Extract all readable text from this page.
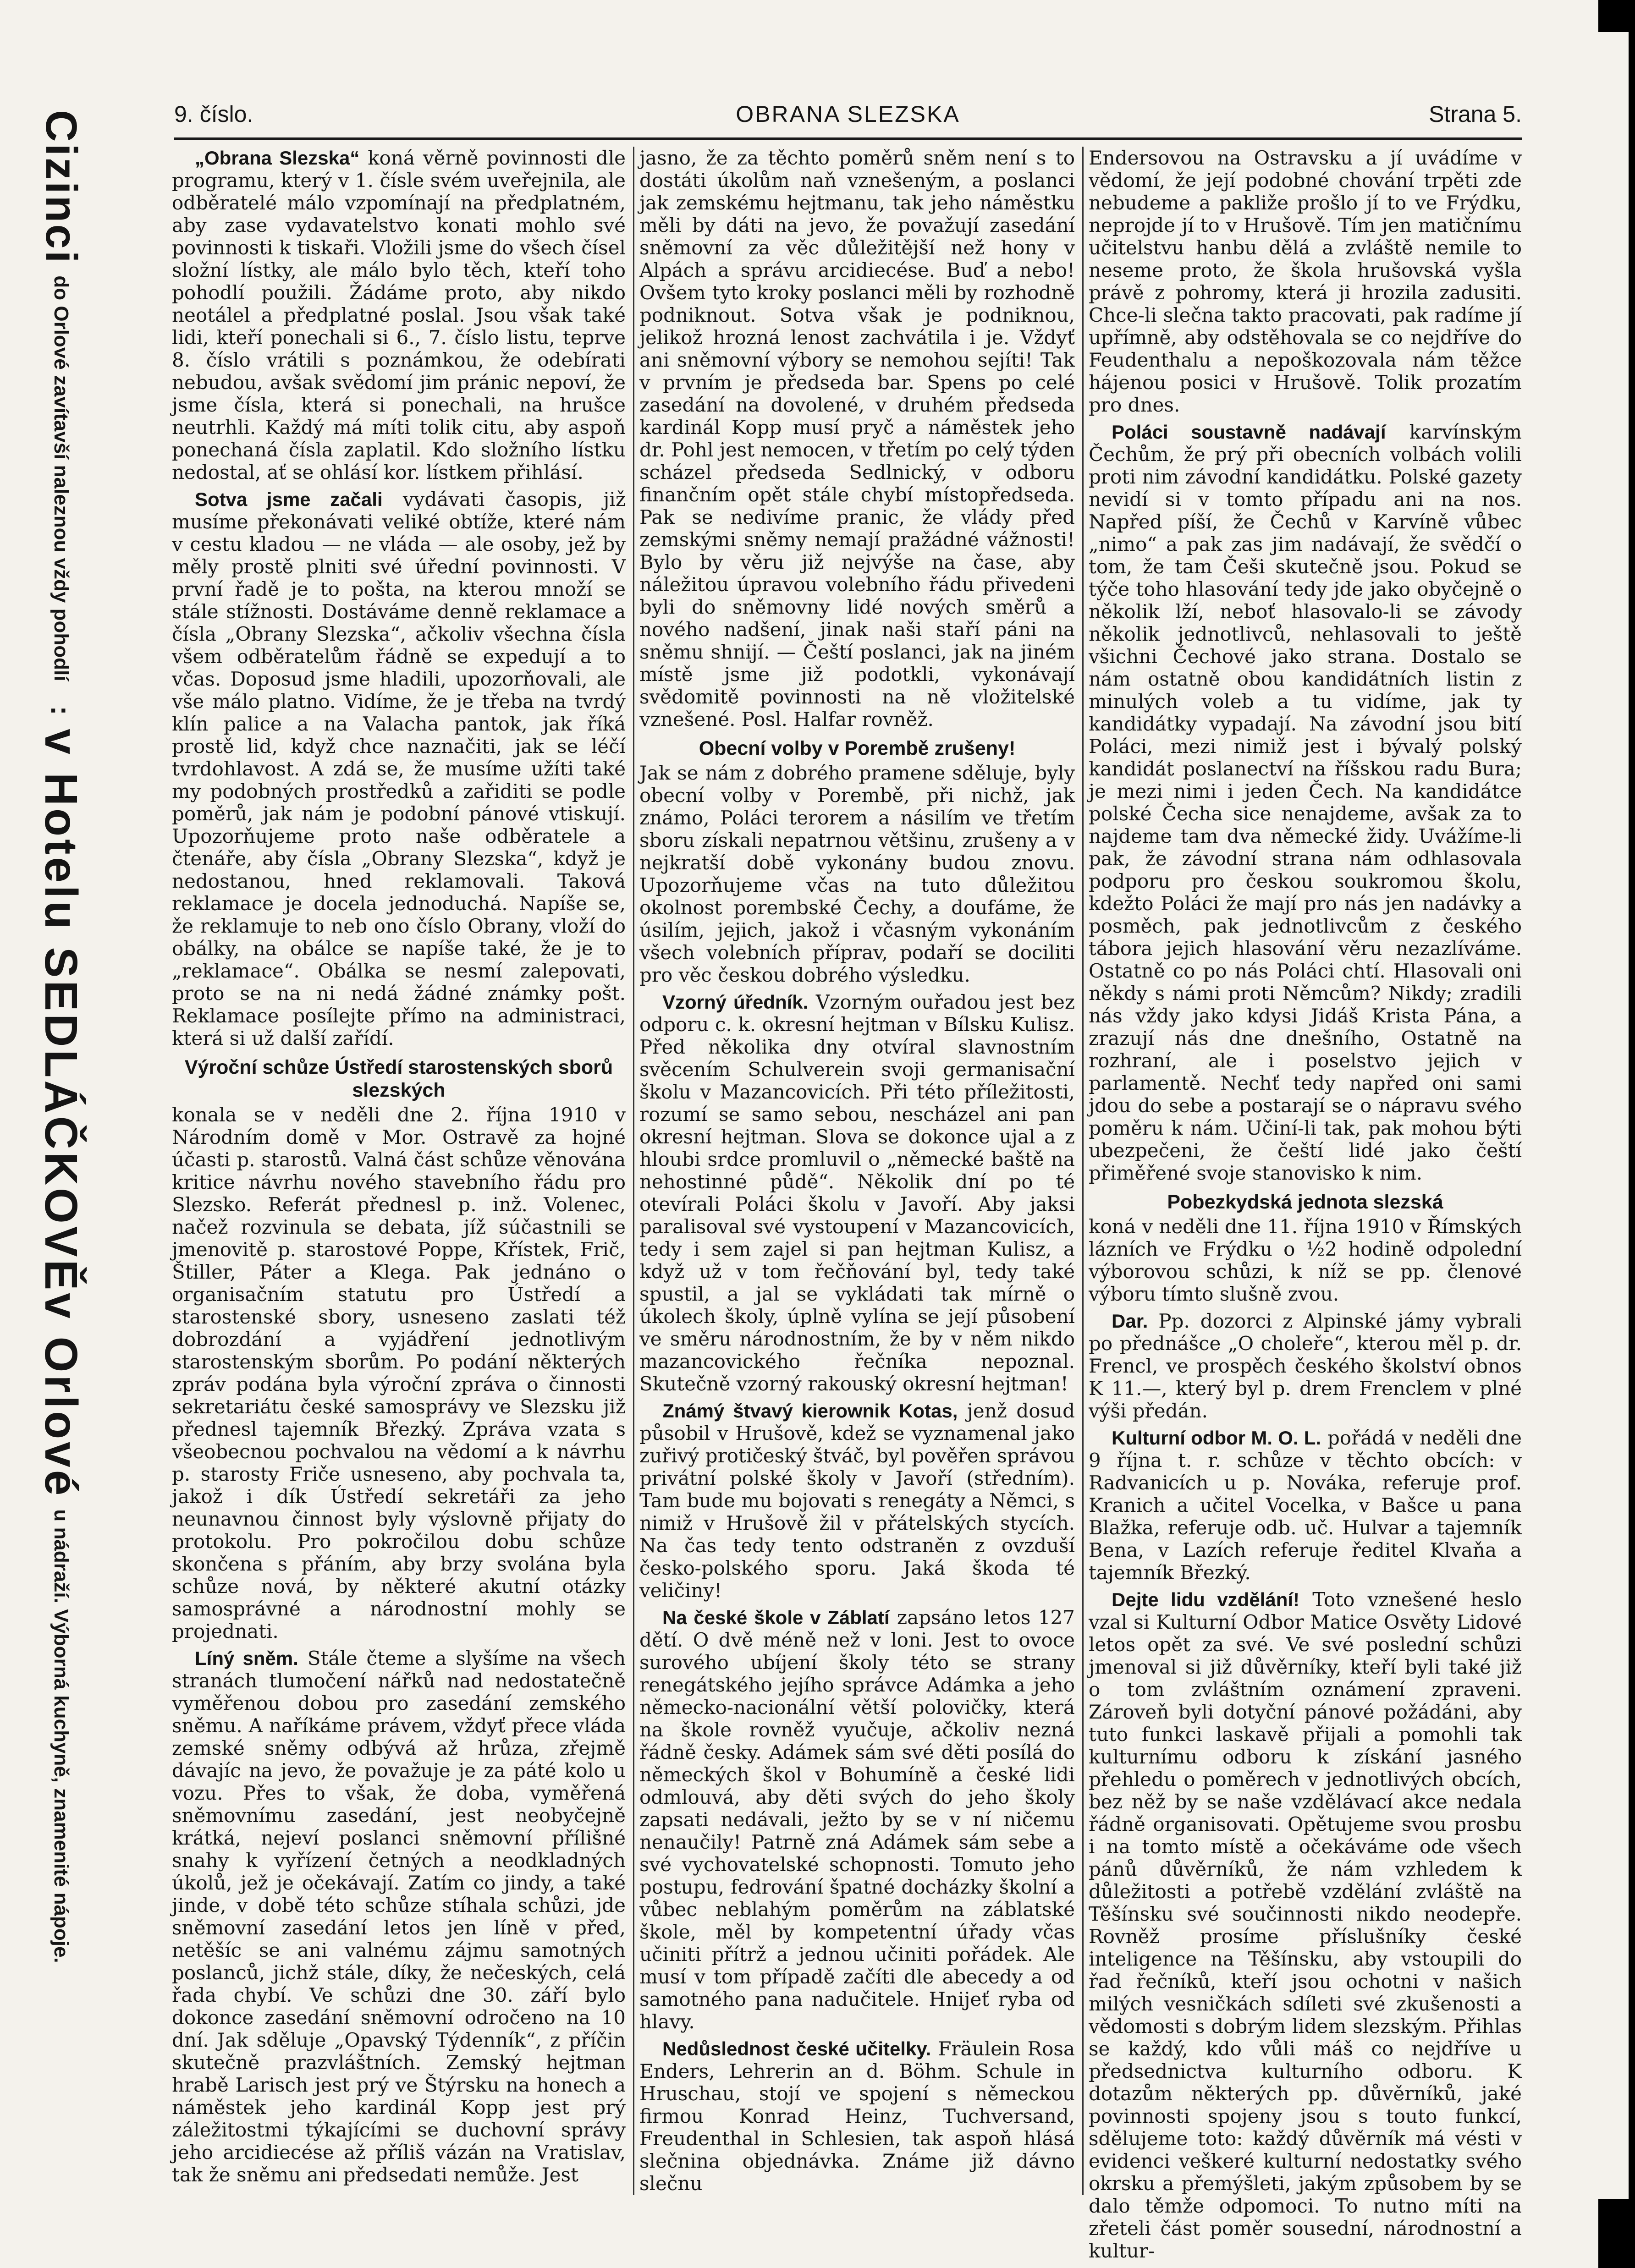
9. číslo.	OBRANA SLEZSKA	Strana 5.
Cizinci
do Orlové zavítavší naleznou vždy pohodlí
:
v Hotelu SEDLÁČKOVĚ
v Orlové
u nádraží. Výborná kuchyně, znamenité nápoje.

„Obrana Slezska“ koná věrně povinnosti dle programu, který v 1. čísle svém uveřejnila, ale odběratelé málo vzpomínají na předplatném, aby zase vydavatelstvo konati mohlo své povinnosti k tiskaři. Vložili jsme do všech čísel složní lístky, ale málo bylo těch, kteří toho pohodlí použili. Žádáme proto, aby nikdo neotálel a předplatné poslal. Jsou však také lidi, kteří ponechali si 6., 7. číslo listu, teprve 8. číslo vrátili s poznámkou, že odebírati nebudou, avšak svědomí jim pránic nepoví, že jsme čísla, která si ponechali, na hrušce neutrhli. Každý má míti tolik citu, aby aspoň ponechaná čísla zaplatil. Kdo složního lístku nedostal, ať se ohlásí kor. lístkem přihlásí.

Sotva jsme začali vydávati časopis, již musíme překonávati veliké obtíže, které nám v cestu kladou — ne vláda — ale osoby, jež by měly prostě plniti své úřední povinnosti. V první řadě je to pošta, na kterou množí se stále stížnosti. Dostáváme denně reklamace a čísla „Obrany Slezska“, ačkoliv všechna čísla všem odběratelům řádně se expedují a to včas. Doposud jsme hladili, upozorňovali, ale vše málo platno. Vidíme, že je třeba na tvrdý klín palice a na Valacha pantok, jak říká prostě lid, když chce naznačiti, jak se léčí tvrdohlavost. A zdá se, že musíme užíti také my podobných prostředků a zařiditi se podle poměrů, jak nám je podobní pánové vtiskují. Upozorňujeme proto naše odběratele a čtenáře, aby čísla „Obrany Slezska“, když je nedostanou, hned reklamovali. Taková reklamace je docela jednoduchá. Napíše se, že reklamuje to neb ono číslo Obrany, vloží do obálky, na obálce se napíše také, že je to „reklamace“. Obálka se nesmí zalepovati, proto se na ni nedá žádné známky pošt. Reklamace posílejte přímo na administraci, která si už další zařídí.

Výroční schůze Ústředí starostenských sborů slezských

konala se v neděli dne 2. října 1910 v Národním domě v Mor. Ostravě za hojné účasti p. starostů. Valná část schůze věnována kritice návrhu nového stavebního řádu pro Slezsko. Referát přednesl p. inž. Volenec, načež rozvinula se debata, jíž súčastnili se jmenovitě p. starostové Poppe, Křístek, Frič, Štiller, Páter a Klega. Pak jednáno o organisačním statutu pro Ústředí a starostenské sbory, usneseno zaslati též dobrozdání a vyjádření jednotlivým starostenským sborům. Po podání některých zpráv podána byla výroční zpráva o činnosti sekretariátu české samosprávy ve Slezsku již přednesl tajemník Březký. Zpráva vzata s všeobecnou pochvalou na vědomí a k návrhu p. starosty Friče usneseno, aby pochvala ta, jakož i dík Ústředí sekretáři za jeho neunavnou činnost byly výslovně přijaty do protokolu. Pro pokročilou dobu schůze skončena s přáním, aby brzy svolána byla schůze nová, by některé akutní otázky samosprávné a národnostní mohly se projednati.

Líný sněm. Stále čteme a slyšíme na všech stranách tlumočení nářků nad nedostatečně vyměřenou dobou pro zasedání zemského sněmu. A naříkáme právem, vždyť přece vláda zemské sněmy odbývá až hrůza, zřejmě dávajíc na jevo, že považuje je za páté kolo u vozu. Přes to však, že doba, vyměřená sněmovnímu zasedání, jest neobyčejně krátká, nejeví poslanci sněmovní přílišné snahy k vyřízení četných a neodkladných úkolů, jež je očekávají. Zatím co jindy, a také jinde, v době této schůze stíhala schůzi, jde sněmovní zasedání letos jen líně v před, netěšíc se ani valnému zájmu samotných poslanců, jichž stále, díky, že nečeských, celá řada chybí. Ve schůzi dne 30. září bylo dokonce zasedání sněmovní odročeno na 10 dní. Jak sděluje „Opavský Týdenník“, z příčin skutečně prazvláštních. Zemský hejtman hrabě Larisch jest prý ve Štýrsku na honech a náměstek jeho kardinál Kopp jest prý záležitostmi týkajícími se duchovní správy jeho arcidiecése až příliš vázán na Vratislav, tak že sněmu ani předsedati nemůže. Jest

jasno, že za těchto poměrů sněm není s to dostáti úkolům naň vznešeným, a poslanci jak zemskému hejtmanu, tak jeho náměstku měli by dáti na jevo, že považují zasedání sněmovní za věc důležitější než hony v Alpách a správu arcidiecése. Buď a nebo! Ovšem tyto kroky poslanci měli by rozhodně podniknout. Sotva však je podniknou, jelikož hrozná lenost zachvátila i je. Vždyť ani sněmovní výbory se nemohou sejíti! Tak v prvním je předseda bar. Spens po celé zasedání na dovolené, v druhém předseda kardinál Kopp musí pryč a náměstek jeho dr. Pohl jest nemocen, v třetím po celý týden scházel předseda Sedlnický, v odboru finančním opět stále chybí místopředseda. Pak se nedivíme pranic, že vlády před zemskými sněmy nemají pražádné vážnosti! Bylo by věru již nejvýše na čase, aby náležitou úpravou volebního řádu přivedeni byli do sněmovny lidé nových směrů a nového nadšení, jinak naši staří páni na sněmu shnijí. — Čeští poslanci, jak na jiném místě jsme již podotkli, vykonávají svědomitě povinnosti na ně vložitelské vznešené. Posl. Halfar rovněž.

Obecní volby v Porembě zrušeny!

Jak se nám z dobrého pramene sděluje, byly obecní volby v Porembě, při nichž, jak známo, Poláci terorem a násilím ve třetím sboru získali nepatrnou většinu, zrušeny a v nejkratší době vykonány budou znovu. Upozorňujeme včas na tuto důležitou okolnost porembské Čechy, a doufáme, že úsilím, jejich, jakož i včasným vykonáním všech volebních příprav, podaří se dociliti pro věc českou dobrého výsledku.

Vzorný úředník. Vzorným ouřadou jest bez odporu c. k. okresní hejtman v Bílsku Kulisz. Před několika dny otvíral slavnostním svěcením Schulverein svoji germanisační školu v Mazancovicích. Při této příležitosti, rozumí se samo sebou, nescházel ani pan okresní hejtman. Slova se dokonce ujal a z hloubi srdce promluvil o „německé baště na nehostinné půdě“. Několik dní po té otevírali Poláci školu v Javoří. Aby jaksi paralisoval své vystoupení v Mazancovicích, tedy i sem zajel si pan hejtman Kulisz, a když už v tom řečňování byl, tedy také spustil, a jal se vykládati tak mírně o úkolech školy, úplně vylína se její působení ve směru národnostním, že by v něm nikdo mazancovického řečníka nepoznal. Skutečně vzorný rakouský okresní hejtman!

Známý štvavý kierownik Kotas, jenž dosud působil v Hrušově, kdež se vyznamenal jako zuřivý protičeský štváč, byl pověřen správou privátní polské školy v Javoří (středním). Tam bude mu bojovati s renegáty a Němci, s nimiž v Hrušově žil v přátelských stycích. Na čas tedy tento odstraněn z ovzduší česko-polského sporu. Jaká škoda té veličiny!

Na české škole v Záblatí zapsáno letos 127 dětí. O dvě méně než v loni. Jest to ovoce surového ubíjení školy této se strany renegátského jejího správce Adámka a jeho německo-nacionální větší polovičky, která na škole rovněž vyučuje, ačkoliv nezná řádně česky. Adámek sám své děti posílá do německých škol v Bohumíně a české lidi odmlouvá, aby děti svých do jeho školy zapsati nedávali, ježto by se v ní ničemu nenaučily! Patrně zná Adámek sám sebe a své vychovatelské schopnosti. Tomuto jeho postupu, fedrování špatné docházky školní a vůbec neblahým poměrům na záblatské škole, měl by kompetentní úřady včas učiniti přítrž a jednou učiniti pořádek. Ale musí v tom případě začíti dle abecedy a od samotného pana nadučitele. Hnijeť ryba od hlavy.

Nedůslednost české učitelky. Fräulein Rosa Enders, Lehrerin an d. Böhm. Schule in Hruschau, stojí ve spojení s německou firmou Konrad Heinz, Tuchversand, Freudenthal in Schlesien, tak aspoň hlásá slečnina objednávka. Známe již dávno slečnu

Endersovou na Ostravsku a jí uvádíme v vědomí, že její podobné chování trpěti zde nebudeme a pakliže prošlo jí to ve Frýdku, neprojde jí to v Hrušově. Tím jen matičnímu učitelstvu hanbu dělá a zvláště nemile to neseme proto, že škola hrušovská vyšla právě z pohromy, která ji hrozila zadusiti. Chce-li slečna takto pracovati, pak radíme jí upřímně, aby odstěhovala se co nejdříve do Feudenthalu a nepoškozovala nám těžce hájenou posici v Hrušově. Tolik prozatím pro dnes.

Poláci soustavně nadávají karvínským Čechům, že prý při obecních volbách volili proti nim závodní kandidátku. Polské gazety nevidí si v tomto případu ani na nos. Napřed píší, že Čechů v Karvíně vůbec „nimo“ a pak zas jim nadávají, že svědčí o tom, že tam Češi skutečně jsou. Pokud se týče toho hlasování tedy jde jako obyčejně o několik lží, neboť hlasovalo-li se závody několik jednotlivců, nehlasovali to ještě všichni Čechové jako strana. Dostalo se nám ostatně obou kandidátních listin z minulých voleb a tu vidíme, jak ty kandidátky vypadají. Na závodní jsou bití Poláci, mezi nimiž jest i bývalý polský kandidát poslanectví na říšskou radu Bura; je mezi nimi i jeden Čech. Na kandidátce polské Čecha sice nenajdeme, avšak za to najdeme tam dva německé židy. Uvážíme-li pak, že závodní strana nám odhlasovala podporu pro českou soukromou školu, kdežto Poláci že mají pro nás jen nadávky a posměch, pak jednotlivcům z českého tábora jejich hlasování věru nezazlíváme. Ostatně co po nás Poláci chtí. Hlasovali oni někdy s námi proti Němcům? Nikdy; zradili nás vždy jako kdysi Jidáš Krista Pána, a zrazují nás dne dnešního, Ostatně na rozhraní, ale i poselstvo jejich v parlamentě. Nechť tedy napřed oni sami jdou do sebe a postarají se o nápravu svého poměru k nám. Učiní-li tak, pak mohou býti ubezpečeni, že čeští lidé jako čeští přiměřené svoje stanovisko k nim.

Pobezkydská jednota slezská

koná v neděli dne 11. října 1910 v Římských lázních ve Frýdku o ½2 hodině odpolední výborovou schůzi, k níž se pp. členové výboru tímto slušně zvou.

Dar. Pp. dozorci z Alpinské jámy vybrali po přednášce „O choleře“, kterou měl p. dr. Frencl, ve prospěch českého školství obnos K 11.—, který byl p. drem Frenclem v plné výši předán.

Kulturní odbor M. O. L. pořádá v neděli dne 9 října t. r. schůze v těchto obcích: v Radvanicích u p. Nováka, referuje prof. Kranich a učitel Vocelka, v Bašce u pana Blažka, referuje odb. uč. Hulvar a tajemník Bena, v Lazích referuje ředitel Klvaňa a tajemník Březký.

Dejte lidu vzdělání! Toto vznešené heslo vzal si Kulturní Odbor Matice Osvěty Lidové letos opět za své. Ve své poslední schůzi jmenoval si již důvěrníky, kteří byli také již o tom zvláštním oznámení zpraveni. Zároveň byli dotyční pánové požádáni, aby tuto funkci laskavě přijali a pomohli tak kulturnímu odboru k získání jasného přehledu o poměrech v jednotlivých obcích, bez něž by se naše vzdělávací akce nedala řádně organisovati. Opětujeme svou prosbu i na tomto místě a očekáváme ode všech pánů důvěrníků, že nám vzhledem k důležitosti a potřebě vzdělání zvláště na Těšínsku své součinnosti nikdo neodepře. Rovněž prosíme příslušníky české inteligence na Těšínsku, aby vstoupili do řad řečníků, kteří jsou ochotni v našich milých vesničkách sdíleti své zkušenosti a vědomosti s dobrým lidem slezským. Přihlas se každý, kdo vůli máš co nejdříve u předsednictva kulturního odboru. K dotazům některých pp. důvěrníků, jaké povinnosti spojeny jsou s touto funkcí, sdělujeme toto: každý důvěrník má vésti v evidenci veškeré kulturní nedostatky svého okrsku a přemýšleti, jakým způsobem by se dalo těmže odpomoci. To nutno míti na zřeteli část poměr sousední, národnostní a kultur-
